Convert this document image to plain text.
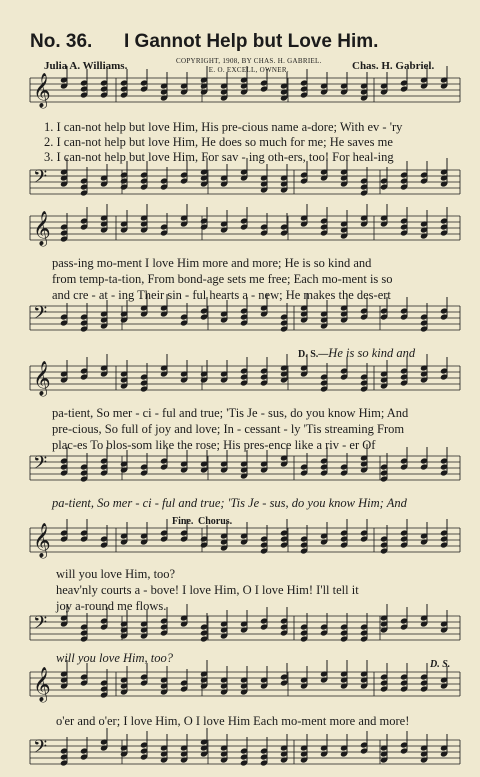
No. 36. I Gannot Help but Love Him.
Julia A. Williams.	COPYRIGHT, 1908, BY CHAS. H. GABRIEL.
E. O. EXCELL, OWNER.	Chas. H. Gabriel.
𝄞
𝄢
𝄞
𝄢
𝄞
𝄢
𝄞
𝄢
𝄞
𝄢
1. I can-not help but love Him, His pre-cious name a-dore; With ev - 'ry
2. I can-not help but love Him, He does so much for me; He saves me
3. I can-not help but love Him, For sav - ing oth-ers, too! For heal-ing
pass-ing mo-ment I love Him more and more; He is so kind and
from temp-ta-tion, From bond-age sets me free; Each mo-ment is so
and cre - at - ing Their sin - ful hearts a - new; He makes the des-ert
D. S.—He is so kind and
pa-tient, So mer - ci - ful and true; 'Tis Je - sus, do you know Him; And
pre-cious, So full of joy and love; In - cessant - ly 'Tis streaming From
plac-es To blos-som like the rose; His pres-ence like a riv - er Of
pa-tient, So mer - ci - ful and true; 'Tis Je - sus, do you know Him; And
Fine. Chorus.
will you love Him, too?
heav'nly courts a - bove! I love Him, O I love Him! I'll tell it
joy a-round me flows.
will you love Him, too?	D. S.
o'er and o'er; I love Him, O I love Him Each mo-ment more and more!
